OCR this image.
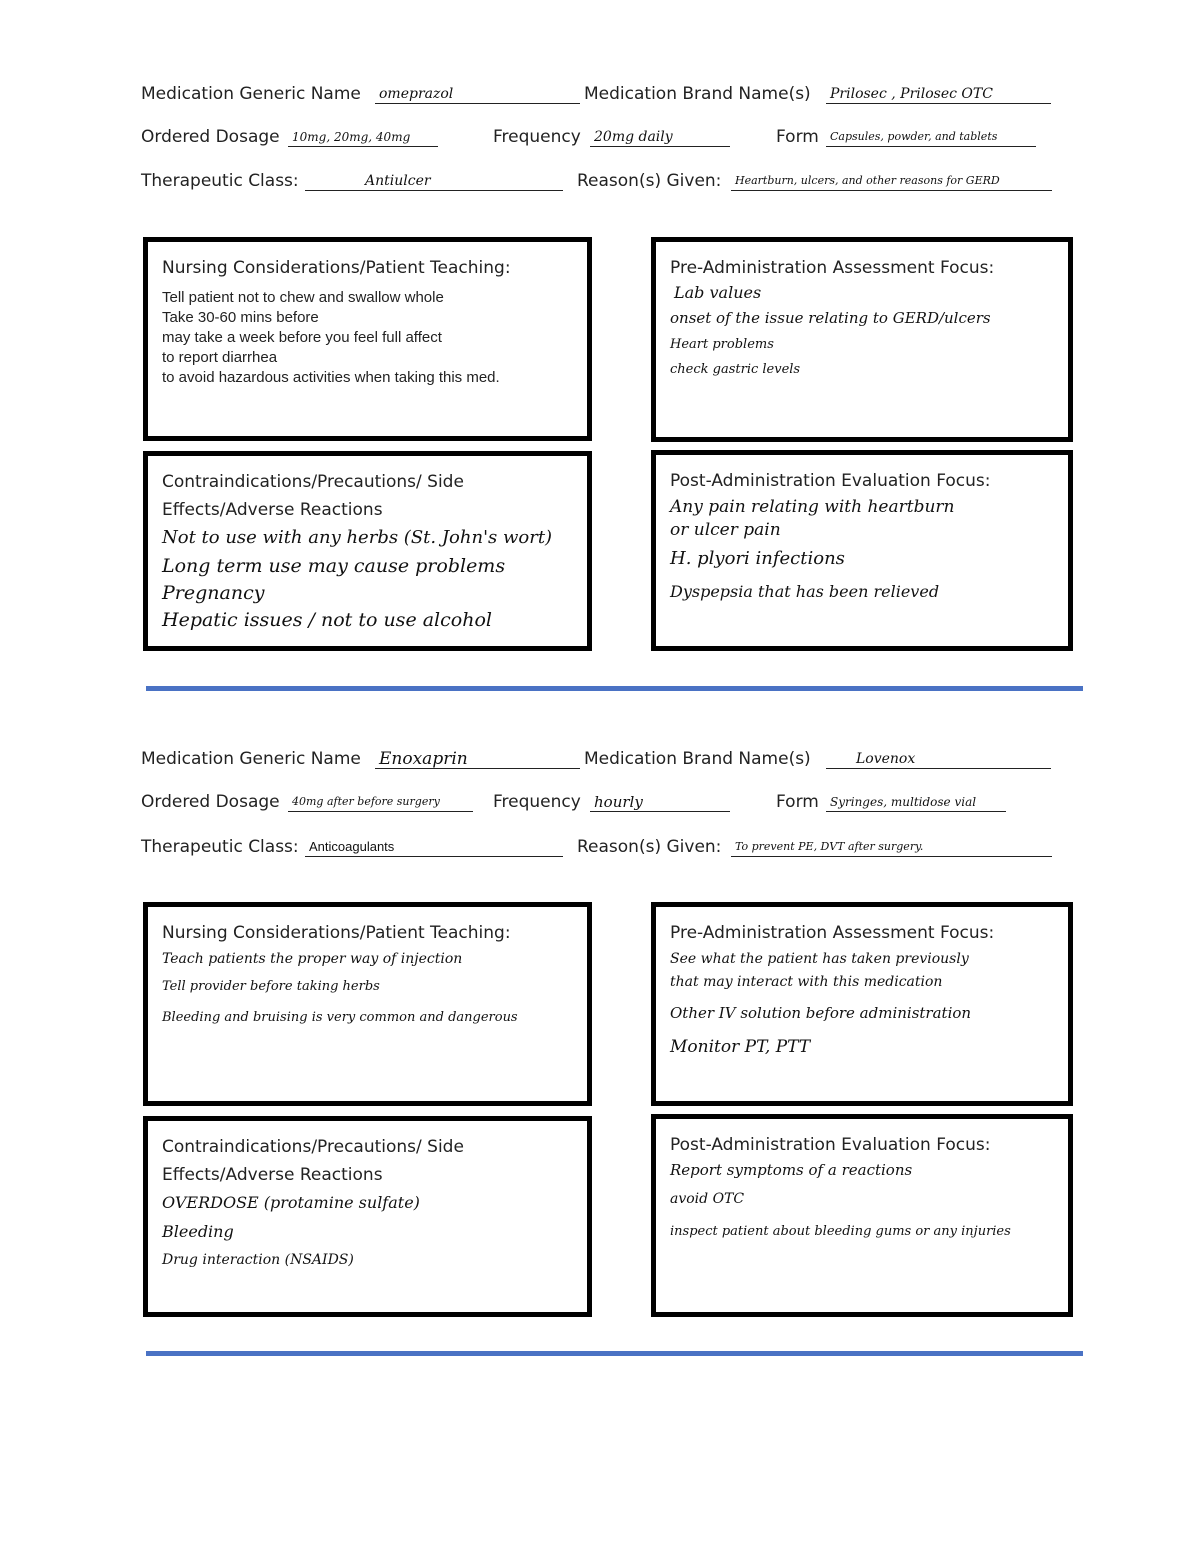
Medication Generic Name omeprazol	Medication Brand Name(s) Prilosec , Prilosec OTC
Ordered Dosage	10mg, 20mg, 40mg	Frequency 20mg daily	Form	Capsules, powder, and tablets
Therapeutic Class:	Antiulcer	Reason(s) Given:	Heartburn, ulcers, and other reasons for GERD

Nursing Considerations/Patient Teaching:

Tell patient not to chew and swallow whole

Take 30-60 mins before

may take a week before you feel full affect

to report diarrhea

to avoid hazardous activities when taking this med.

Pre-Administration Assessment Focus:

Lab values

onset of the issue relating to GERD/ulcers

Heart problems

check gastric levels

Contraindications/Precautions/ Side

Effects/Adverse Reactions

Not to use with any herbs (St. John's wort)

Long term use may cause problems

Pregnancy

Hepatic issues / not to use alcohol

Post-Administration Evaluation Focus:

Any pain relating with heartburn

or ulcer pain

H. plyori infections

Dyspepsia that has been relieved

Medication Generic Name Enoxaprin	Medication Brand Name(s)	Lovenox
Ordered Dosage	40mg after before surgery	Frequency hourly	Form Syringes, multidose vial
Therapeutic Class: Anticoagulants	Reason(s) Given:	To prevent PE, DVT after surgery.

Nursing Considerations/Patient Teaching:

Teach patients the proper way of injection

Tell provider before taking herbs

Bleeding and bruising is very common and dangerous

Pre-Administration Assessment Focus:

See what the patient has taken previously

that may interact with this medication

Other IV solution before administration

Monitor PT, PTT

Contraindications/Precautions/ Side

Effects/Adverse Reactions

OVERDOSE (protamine sulfate)

Bleeding

Drug interaction (NSAIDS)

Post-Administration Evaluation Focus:

Report symptoms of a reactions

avoid OTC

inspect patient about bleeding gums or any injuries
